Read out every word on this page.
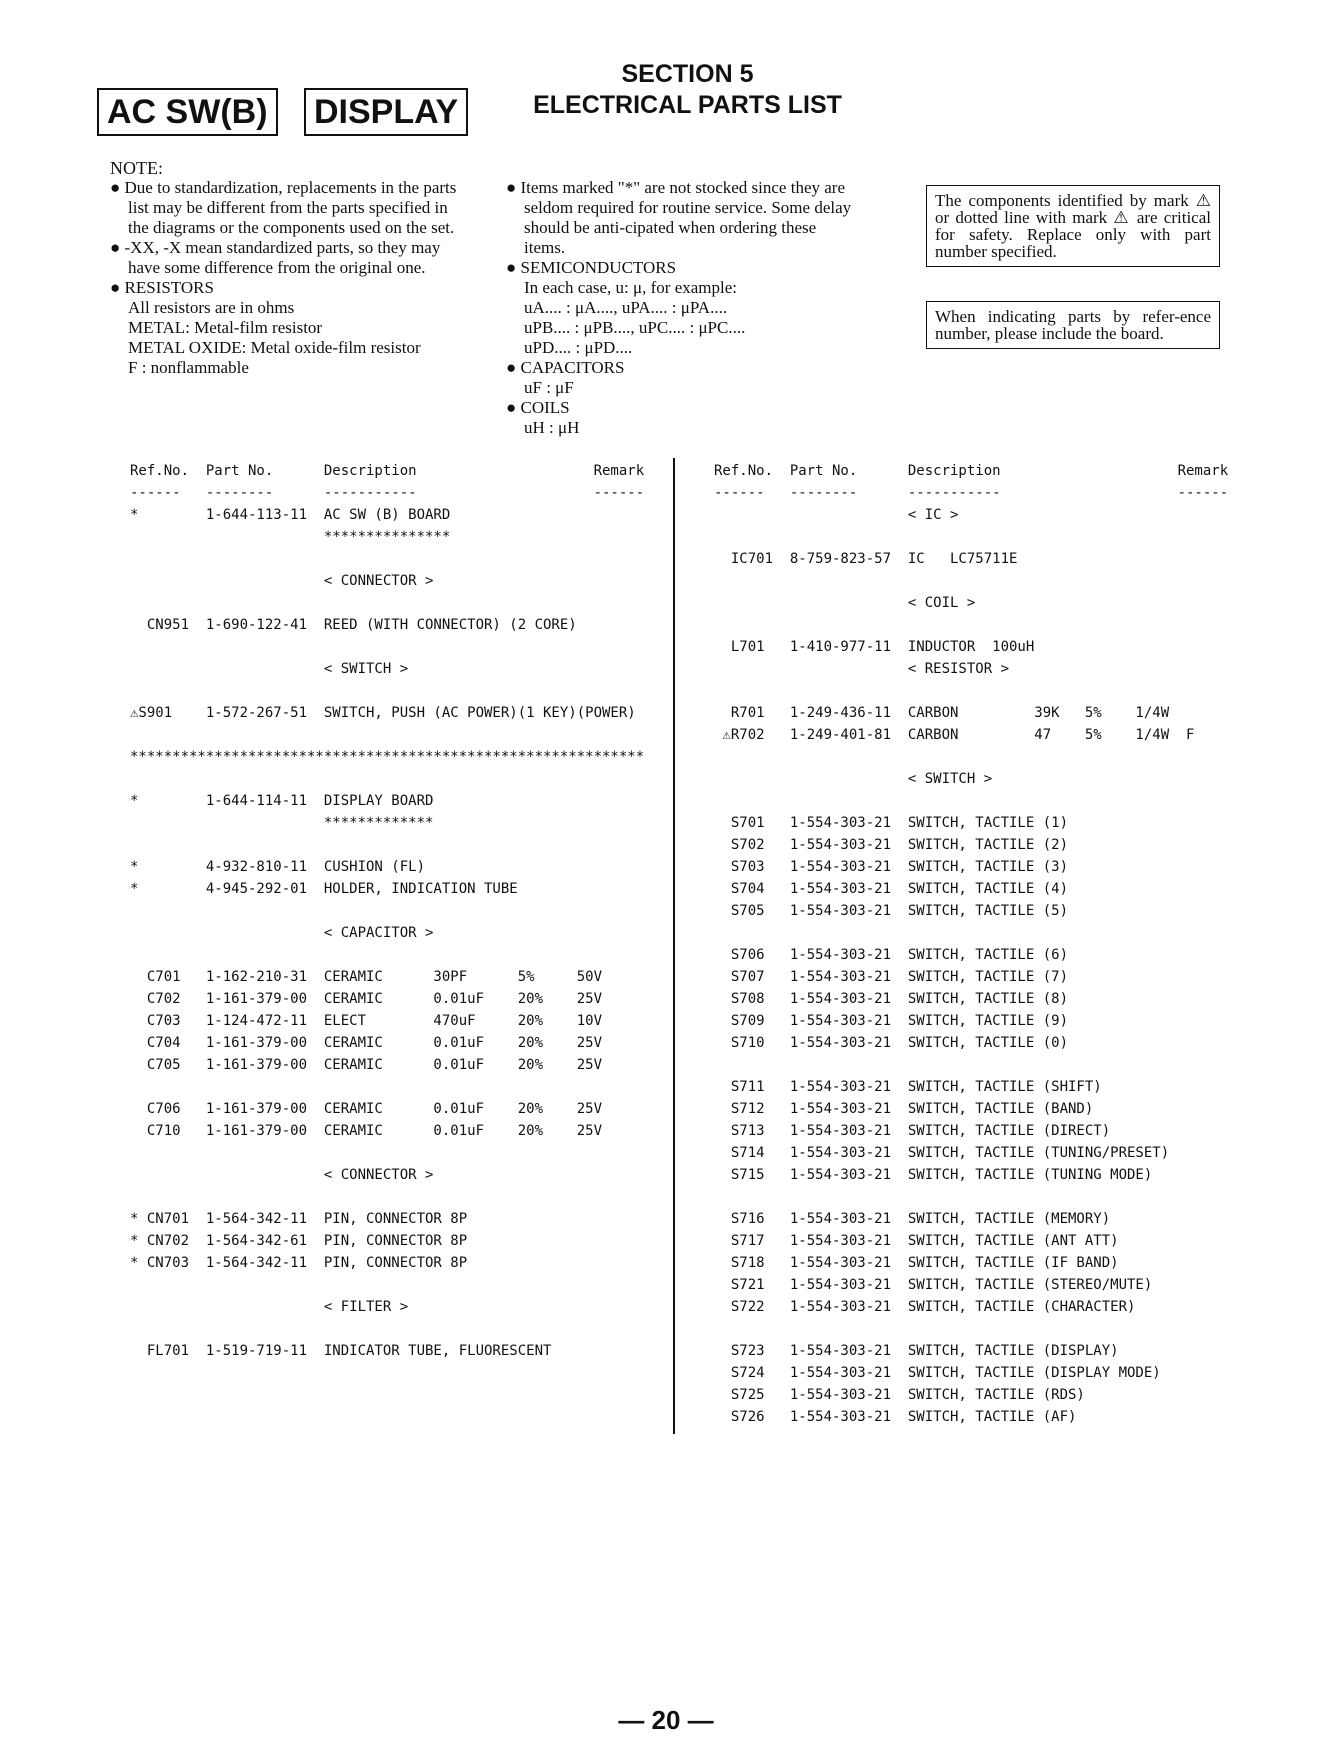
AC SW(B) DISPLAY
SECTION 5
ELECTRICAL PARTS LIST
NOTE:
● Due to standardization, replacements in the parts list may be different from the parts specified in the diagrams or the components used on the set.
● -XX, -X mean standardized parts, so they may have some difference from the original one.
● RESISTORS
All resistors are in ohms
METAL: Metal-film resistor
METAL OXIDE: Metal oxide-film resistor
F : nonflammable
● Items marked "*" are not stocked since they are seldom required for routine service. Some delay should be anti-cipated when ordering these items.
● SEMICONDUCTORS
In each case, u: μ, for example:
uA.... : μA...., uPA.... : μPA....
uPB.... : μPB...., uPC.... : μPC....
uPD.... : μPD....
● CAPACITORS
uF : μF
● COILS
uH : μH
The components identified by mark ⚠ or dotted line with mark ⚠ are critical for safety. Replace only with part number specified.
When indicating parts by refer-ence number, please include the board.
Ref.No.  Part No.      Description                     Remark
------   --------      -----------                     ------
*        1-644-113-11  AC SW (B) BOARD
***************
< CONNECTOR >
CN951  1-690-122-41  REED (WITH CONNECTOR) (2 CORE)
< SWITCH >
⚠S901    1-572-267-51  SWITCH, PUSH (AC POWER)(1 KEY)(POWER)
*************************************************************
*        1-644-114-11  DISPLAY BOARD
*************
*        4-932-810-11  CUSHION (FL)
*        4-945-292-01  HOLDER, INDICATION TUBE
< CAPACITOR >
C701   1-162-210-31  CERAMIC      30PF      5%     50V
C702   1-161-379-00  CERAMIC      0.01uF    20%    25V
C703   1-124-472-11  ELECT        470uF     20%    10V
C704   1-161-379-00  CERAMIC      0.01uF    20%    25V
C705   1-161-379-00  CERAMIC      0.01uF    20%    25V
C706   1-161-379-00  CERAMIC      0.01uF    20%    25V
C710   1-161-379-00  CERAMIC      0.01uF    20%    25V
< CONNECTOR >
* CN701  1-564-342-11  PIN, CONNECTOR 8P
* CN702  1-564-342-61  PIN, CONNECTOR 8P
* CN703  1-564-342-11  PIN, CONNECTOR 8P
< FILTER >
FL701  1-519-719-11  INDICATOR TUBE, FLUORESCENT
Ref.No.  Part No.      Description                     Remark
------   --------      -----------                     ------
< IC >
IC701  8-759-823-57  IC   LC75711E
< COIL >
L701   1-410-977-11  INDUCTOR  100uH
< RESISTOR >
R701   1-249-436-11  CARBON         39K   5%    1/4W
⚠R702   1-249-401-81  CARBON         47    5%    1/4W  F
< SWITCH >
S701   1-554-303-21  SWITCH, TACTILE (1)
S702   1-554-303-21  SWITCH, TACTILE (2)
S703   1-554-303-21  SWITCH, TACTILE (3)
S704   1-554-303-21  SWITCH, TACTILE (4)
S705   1-554-303-21  SWITCH, TACTILE (5)
S706   1-554-303-21  SWITCH, TACTILE (6)
S707   1-554-303-21  SWITCH, TACTILE (7)
S708   1-554-303-21  SWITCH, TACTILE (8)
S709   1-554-303-21  SWITCH, TACTILE (9)
S710   1-554-303-21  SWITCH, TACTILE (0)
S711   1-554-303-21  SWITCH, TACTILE (SHIFT)
S712   1-554-303-21  SWITCH, TACTILE (BAND)
S713   1-554-303-21  SWITCH, TACTILE (DIRECT)
S714   1-554-303-21  SWITCH, TACTILE (TUNING/PRESET)
S715   1-554-303-21  SWITCH, TACTILE (TUNING MODE)
S716   1-554-303-21  SWITCH, TACTILE (MEMORY)
S717   1-554-303-21  SWITCH, TACTILE (ANT ATT)
S718   1-554-303-21  SWITCH, TACTILE (IF BAND)
S721   1-554-303-21  SWITCH, TACTILE (STEREO/MUTE)
S722   1-554-303-21  SWITCH, TACTILE (CHARACTER)
S723   1-554-303-21  SWITCH, TACTILE (DISPLAY)
S724   1-554-303-21  SWITCH, TACTILE (DISPLAY MODE)
S725   1-554-303-21  SWITCH, TACTILE (RDS)
S726   1-554-303-21  SWITCH, TACTILE (AF)
— 20 —
